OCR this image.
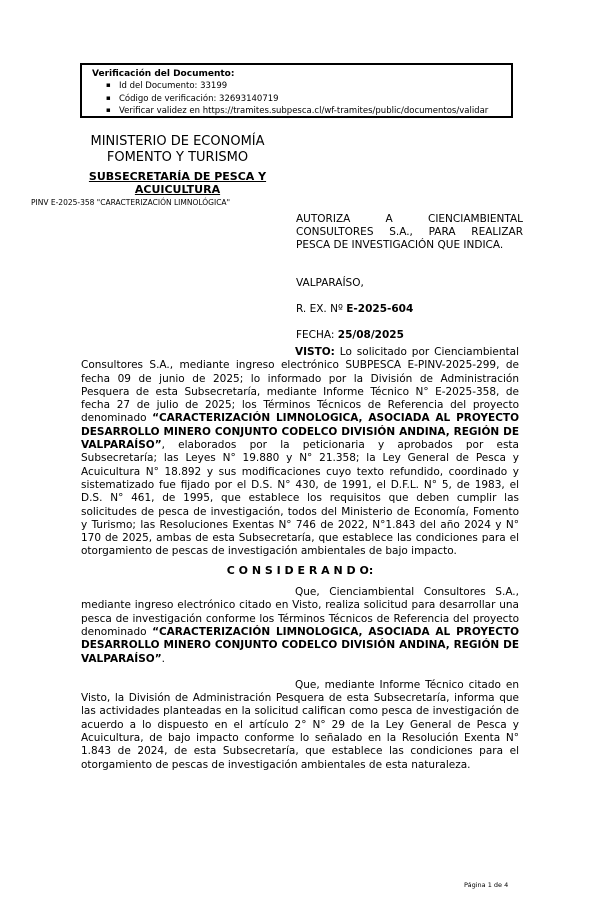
Verificación del Documento:
▪ Id del Documento: 33199
▪ Código de verificación: 32693140719
▪ Verificar validez en https://tramites.subpesca.cl/wf-tramites/public/documentos/validar
MINISTERIO DE ECONOMÍA
FOMENTO Y TURISMO
SUBSECRETARÍA DE PESCA Y
ACUICULTURA
PINV E-2025-358 "CARACTERIZACIÓN LIMNOLÓGICA"
AUTORIZA A CIENCIAMBIENTAL CONSULTORES S.A., PARA REALIZAR PESCA DE INVESTIGACIÓN QUE INDICA.
VALPARAÍSO,
R. EX. Nº E-2025-604
FECHA: 25/08/2025

VISTO: Lo solicitado por Cienciambiental Consultores S.A., mediante ingreso electrónico SUBPESCA E-PINV-2025-299, de fecha 09 de junio de 2025; lo informado por la División de Administración Pesquera de esta Subsecretaría, mediante Informe Técnico N° E-2025-358, de fecha 27 de julio de 2025; los Términos Técnicos de Referencia del proyecto denominado “CARACTERIZACIÓN LIMNOLOGICA, ASOCIADA AL PROYECTO DESARROLLO MINERO CONJUNTO CODELCO DIVISIÓN ANDINA, REGIÓN DE VALPARAÍSO”, elaborados por la peticionaria y aprobados por esta Subsecretaría; las Leyes N° 19.880 y N° 21.358; la Ley General de Pesca y Acuicultura N° 18.892 y sus modificaciones cuyo texto refundido, coordinado y sistematizado fue fijado por el D.S. N° 430, de 1991, el D.F.L. N° 5, de 1983, el D.S. N° 461, de 1995, que establece los requisitos que deben cumplir las solicitudes de pesca de investigación, todos del Ministerio de Economía, Fomento y Turismo; las Resoluciones Exentas N° 746 de 2022, N°1.843 del año 2024 y N° 170 de 2025, ambas de esta Subsecretaría, que establece las condiciones para el otorgamiento de pescas de investigación ambientales de bajo impacto.

C O N S I D E R A N D O:

Que, Cienciambiental Consultores S.A., mediante ingreso electrónico citado en Visto, realiza solicitud para desarrollar una pesca de investigación conforme los Términos Técnicos de Referencia del proyecto denominado “CARACTERIZACIÓN LIMNOLOGICA, ASOCIADA AL PROYECTO DESARROLLO MINERO CONJUNTO CODELCO DIVISIÓN ANDINA, REGIÓN DE VALPARAÍSO”.

Que, mediante Informe Técnico citado en Visto, la División de Administración Pesquera de esta Subsecretaría, informa que las actividades planteadas en la solicitud califican como pesca de investigación de acuerdo a lo dispuesto en el artículo 2° N° 29 de la Ley General de Pesca y Acuicultura, de bajo impacto conforme lo señalado en la Resolución Exenta N° 1.843 de 2024, de esta Subsecretaría, que establece las condiciones para el otorgamiento de pescas de investigación ambientales de esta naturaleza.

Página 1 de 4
